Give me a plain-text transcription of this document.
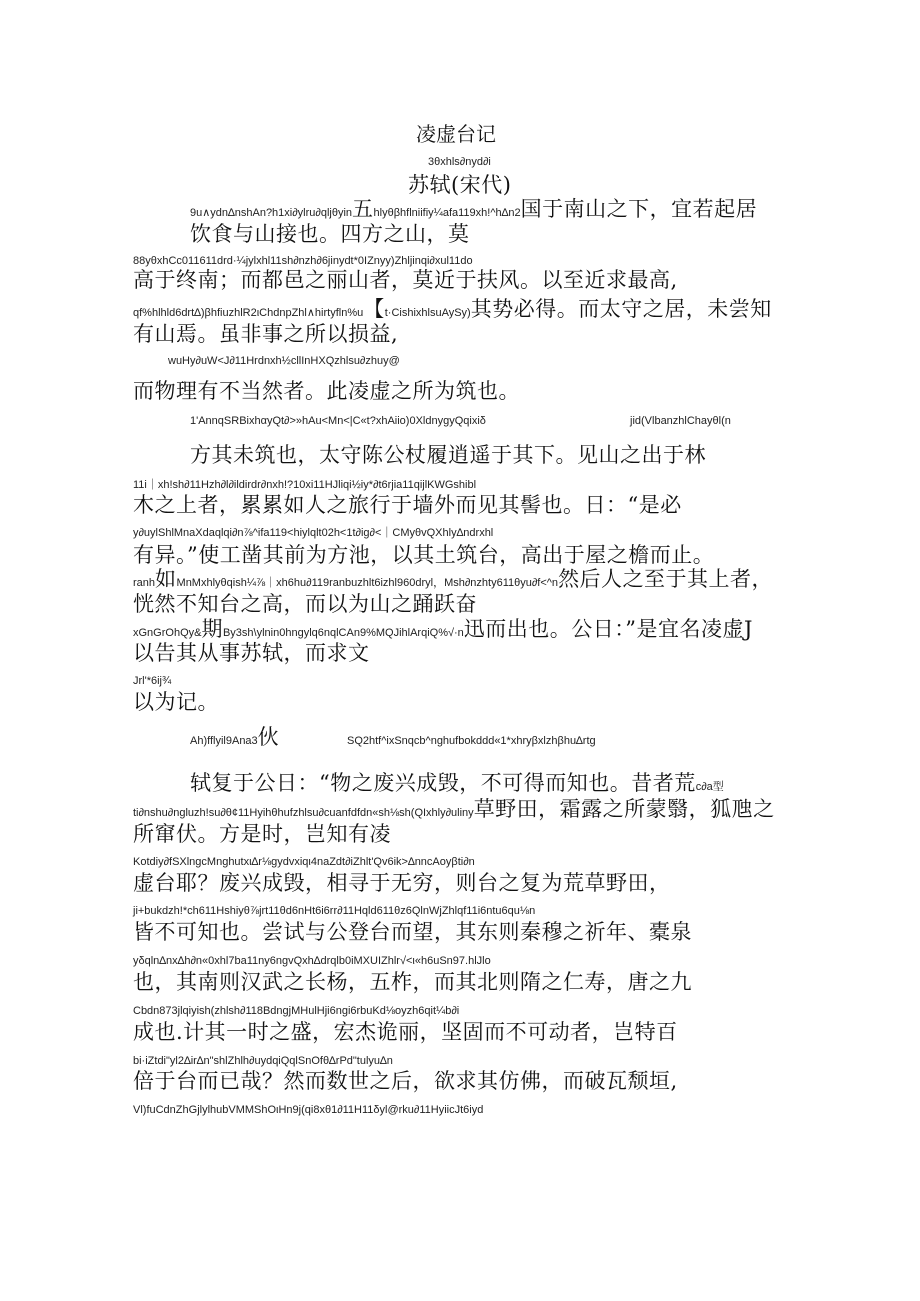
凌虚台记
3θxhls∂nyd∂i
苏轼(宋代)
9u∧ydn∆nshAn?h1xi∂ylru∂qljθyin五hlyθβhflniifiy¼afa119xh!^h∆n2国于南山之下，宜若起居
饮食与山接也。四方之山，莫
88yθxhCc011611drd·¼jylxhl11sh∂nzh∂6jinydt*0IZnyy)Zhljinqi∂xul11do
高于终南；而都邑之丽山者，莫近于扶风。以至近求最高,
qf%hlhld6drt∆)βhfiuzhlR2ιChdnpZhl∧hirtyfln%u【t·CishixhlsuAySy)其势必得。而太守之居，未尝知
有山焉。虽非事之所以损益,
wuHy∂uW<J∂11Hrdnxh½cllInHXQzhlsu∂zhuy@
而物理有不当然者。此凌虚之所为筑也。
1'AnnqSRBixhαyQt∂>»hAu<Mn<|C«t?xhAiio)0XldnygyQqixiδ	jid(VlbanzhlChayθl(n
方其未筑也，太守陈公杖履逍遥于其下。见山之出于林
11i｜xh!sh∂11Hzh∂l∂ildirdr∂nxh!?10xi11HJliqi½iy*∂t6rjia11qijlKWGshibl
木之上者，累累如人之旅行于墙外而见其髻也。日：“是必
y∂uylShlMnaXdaqlqi∂n⅞^ifa119<hiylqlt02h<1t∂ig∂<｜CMyθvQXhly∆ndrxhl
有异。”使工凿其前为方池，以其土筑台，高出于屋之檐而止。
ranh如MnMxhlyθqish¼⅞｜xh6hu∂119ranbuzhlt6izhl960dryl，Msh∂nzhty611θyu∂f<^n然后人之至于其上者，
恍然不知台之高，而以为山之踊跃奋
xGnGrOhQy&期By3sh\ylnin0hngylq6nqlCAn9%MQJihlArqiQ%√·n迅而出也。公日：”是宜名凌虚J
以告其从事苏轼，而求文
Jrl'*6ij¾
以为记。
Ah)fflyil9Ana3伙	SQ2htf^ixSnqcb^nghufbokddd«1*xhryβxlzhβhu∆rtg
轼复于公日：“物之废兴成毁，不可得而知也。昔者荒c∂a型
ti∂nshu∂ngluzh!su∂θ¢11Hyihθhufzhlsu∂cuanfdfdn«sh⅛sh(QIxhly∂uliny草野田，霜露之所蒙翳，狐虺之
所窜伏。方是时，岂知有凌
Kotdiy∂fSXlngcMnghutxι∆r⅛gydvxiqι4naZdt∂iZhlt'Qv6ik>∆nncAoyβti∂n
虚台耶？废兴成毁，相寻于无穷，则台之复为荒草野田，
ji+bukdzh!*ch611Hshiyθ⅞jrt11θd6nHt6i6rr∂11Hqld611θz6QlnWjZhlqf11i6ntu6qu⅛n
皆不可知也。尝试与公登台而望，其东则秦穆之祈年、橐泉
yδqln∆nx∆h∂n«0xhl7ba11ny6ngvQxh∆drqlb0iMXUIZhlr√<ι«h6uSn97.hlJlo
也，其南则汉武之长杨，五柞，而其北则隋之仁寿，唐之九
Cbdn873jlqiyish(zhlsh∂118BdngjMHulHji6ngi6rbuKd⅛oyzh6qit¼b∂i
成也.计其一时之盛，宏杰诡丽，坚固而不可动者，岂特百
bi·iZtdi"yl2∆ir∆n"shlZhlh∂uydqiQqlSnOfθ∆rPd"tulyu∆n
倍于台而已哉？然而数世之后，欲求其仿佛，而破瓦颓垣,
Vl)fuCdnZhGjlylhubVMMShOιHn9j(qi8xθ1∂11H11δyl@rku∂11HyiicJt6iyd
